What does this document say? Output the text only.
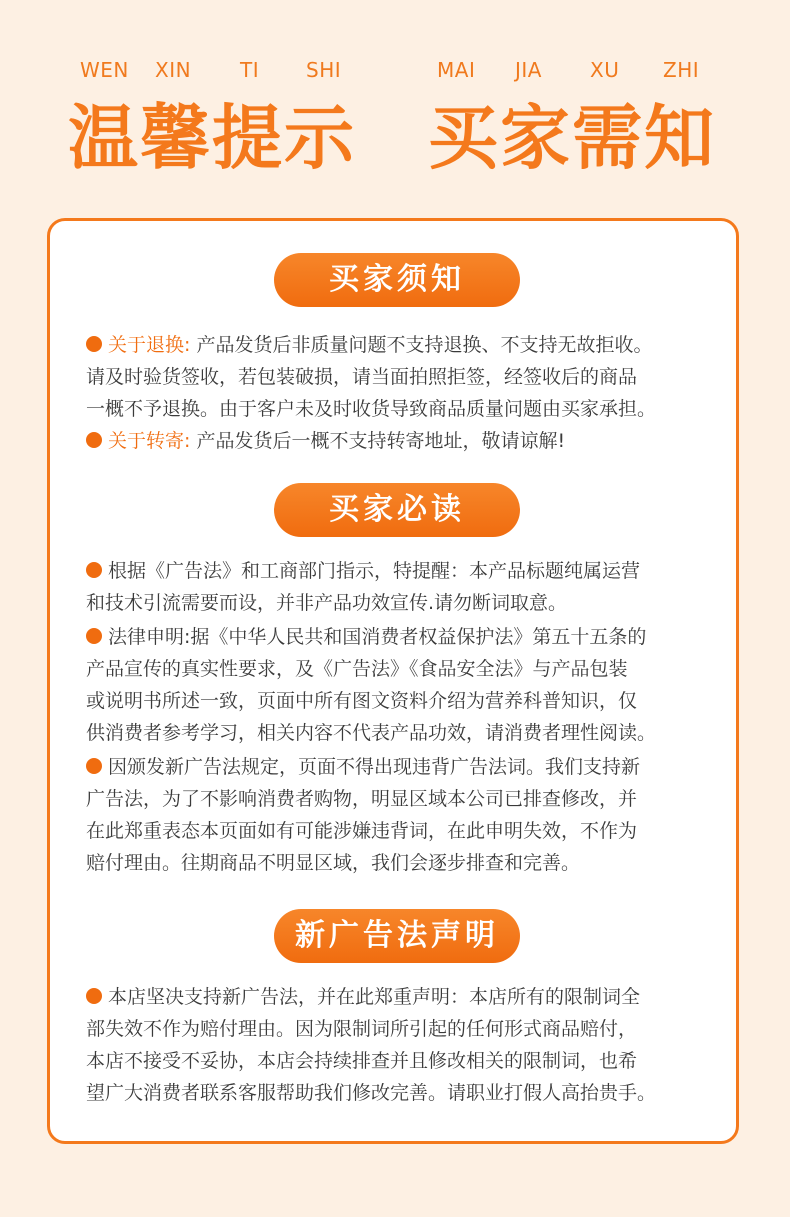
WEN XIN TI SHI	MAI JIA XU ZHI
温馨提示 买家需知
买家须知
关于退换: 产品发货后非质量问题不支持退换、不支持无故拒收。
请及时验货签收，若包装破损，请当面拍照拒签，经签收后的商品
一概不予退换。由于客户未及时收货导致商品质量问题由买家承担。
关于转寄: 产品发货后一概不支持转寄地址，敬请谅解!
买家必读
根据《广告法》和工商部门指示，特提醒：本产品标题纯属运营
和技术引流需要而设，并非产品功效宣传.请勿断词取意。
法律申明:据《中华人民共和国消费者权益保护法》第五十五条的
产品宣传的真实性要求，及《广告法》《食品安全法》与产品包装
或说明书所述一致，页面中所有图文资料介绍为营养科普知识，仅
供消费者参考学习，相关内容不代表产品功效，请消费者理性阅读。
因颁发新广告法规定，页面不得出现违背广告法词。我们支持新
广告法，为了不影响消费者购物，明显区域本公司已排查修改，并
在此郑重表态本页面如有可能涉嫌违背词，在此申明失效，不作为
赔付理由。往期商品不明显区域，我们会逐步排查和完善。
新广告法声明
本店坚决支持新广告法，并在此郑重声明：本店所有的限制词全
部失效不作为赔付理由。因为限制词所引起的任何形式商品赔付，
本店不接受不妥协，本店会持续排查并且修改相关的限制词，也希
望广大消费者联系客服帮助我们修改完善。请职业打假人高抬贵手。
